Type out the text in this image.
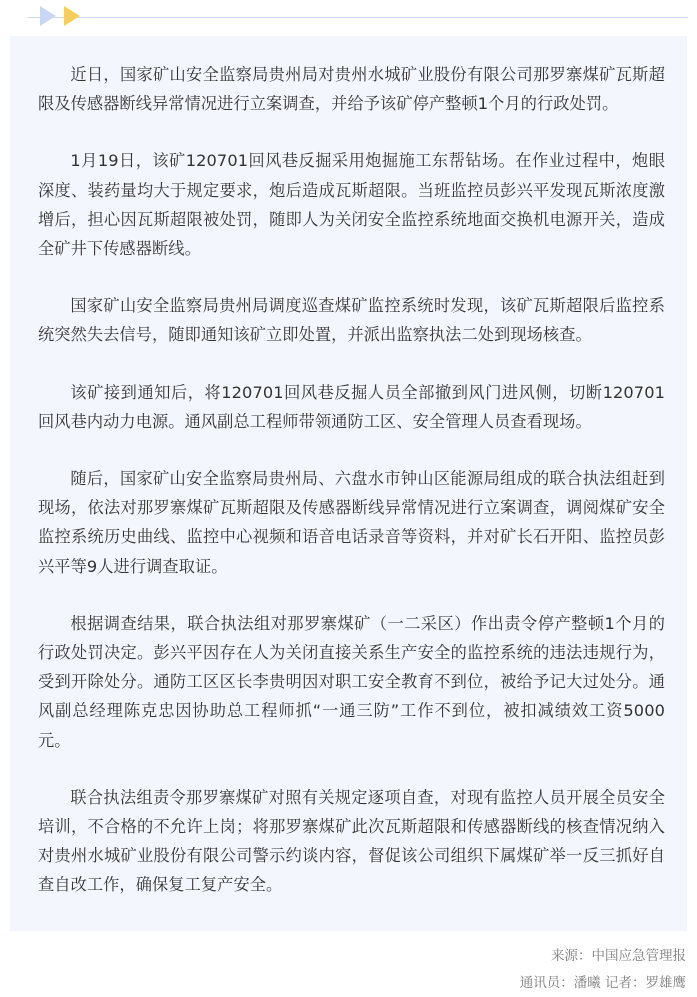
近日，国家矿山安全监察局贵州局对贵州水城矿业股份有限公司那罗寨煤矿瓦斯超限及传感器断线异常情况进行立案调查，并给予该矿停产整顿1个月的行政处罚。

1月19日，该矿120701回风巷反掘采用炮掘施工东帮钻场。在作业过程中，炮眼深度、装药量均大于规定要求，炮后造成瓦斯超限。当班监控员彭兴平发现瓦斯浓度激增后，担心因瓦斯超限被处罚，随即人为关闭安全监控系统地面交换机电源开关，造成全矿井下传感器断线。

国家矿山安全监察局贵州局调度巡查煤矿监控系统时发现，该矿瓦斯超限后监控系统突然失去信号，随即通知该矿立即处置，并派出监察执法二处到现场核查。

该矿接到通知后，将120701回风巷反掘人员全部撤到风门进风侧，切断120701回风巷内动力电源。通风副总工程师带领通防工区、安全管理人员查看现场。

随后，国家矿山安全监察局贵州局、六盘水市钟山区能源局组成的联合执法组赶到现场，依法对那罗寨煤矿瓦斯超限及传感器断线异常情况进行立案调查，调阅煤矿安全监控系统历史曲线、监控中心视频和语音电话录音等资料，并对矿长石开阳、监控员彭兴平等9人进行调查取证。

根据调查结果，联合执法组对那罗寨煤矿（一二采区）作出责令停产整顿1个月的行政处罚决定。彭兴平因存在人为关闭直接关系生产安全的监控系统的违法违规行为，受到开除处分。通防工区区长李贵明因对职工安全教育不到位，被给予记大过处分。通风副总经理陈克忠因协助总工程师抓“一通三防”工作不到位，被扣减绩效工资5000元。

联合执法组责令那罗寨煤矿对照有关规定逐项自查，对现有监控人员开展全员安全培训，不合格的不允许上岗；将那罗寨煤矿此次瓦斯超限和传感器断线的核查情况纳入对贵州水城矿业股份有限公司警示约谈内容，督促该公司组织下属煤矿举一反三抓好自查自改工作，确保复工复产安全。

来源：中国应急管理报
通讯员：潘曦 记者：罗雄鹰
